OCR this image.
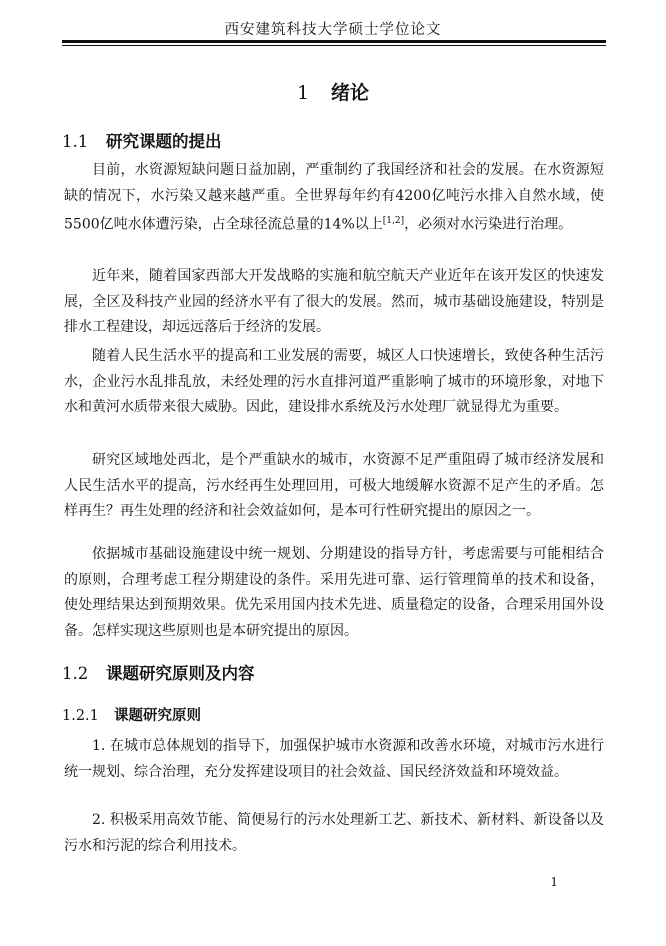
西安建筑科技大学硕士学位论文
1 绪论
1.1 研究课题的提出

目前，水资源短缺问题日益加剧，严重制约了我国经济和社会的发展。在水资源短缺的情况下，水污染又越来越严重。全世界每年约有4200亿吨污水排入自然水域，使5500亿吨水体遭污染，占全球径流总量的14%以上[1,2]，必须对水污染进行治理。

近年来，随着国家西部大开发战略的实施和航空航天产业近年在该开发区的快速发展，全区及科技产业园的经济水平有了很大的发展。然而，城市基础设施建设，特别是排水工程建设，却远远落后于经济的发展。

随着人民生活水平的提高和工业发展的需要，城区人口快速增长，致使各种生活污水，企业污水乱排乱放，未经处理的污水直排河道严重影响了城市的环境形象，对地下水和黄河水质带来很大威胁。因此，建设排水系统及污水处理厂就显得尤为重要。

研究区域地处西北，是个严重缺水的城市，水资源不足严重阻碍了城市经济发展和人民生活水平的提高，污水经再生处理回用，可极大地缓解水资源不足产生的矛盾。怎样再生？再生处理的经济和社会效益如何，是本可行性研究提出的原因之一。

依据城市基础设施建设中统一规划、分期建设的指导方针，考虑需要与可能相结合的原则，合理考虑工程分期建设的条件。采用先进可靠、运行管理简单的技术和设备，使处理结果达到预期效果。优先采用国内技术先进、质量稳定的设备，合理采用国外设备。怎样实现这些原则也是本研究提出的原因。

1.2 课题研究原则及内容
1.2.1 课题研究原则

1. 在城市总体规划的指导下，加强保护城市水资源和改善水环境，对城市污水进行统一规划、综合治理，充分发挥建设项目的社会效益、国民经济效益和环境效益。

2. 积极采用高效节能、简便易行的污水处理新工艺、新技术、新材料、新设备以及污水和污泥的综合利用技术。

1
